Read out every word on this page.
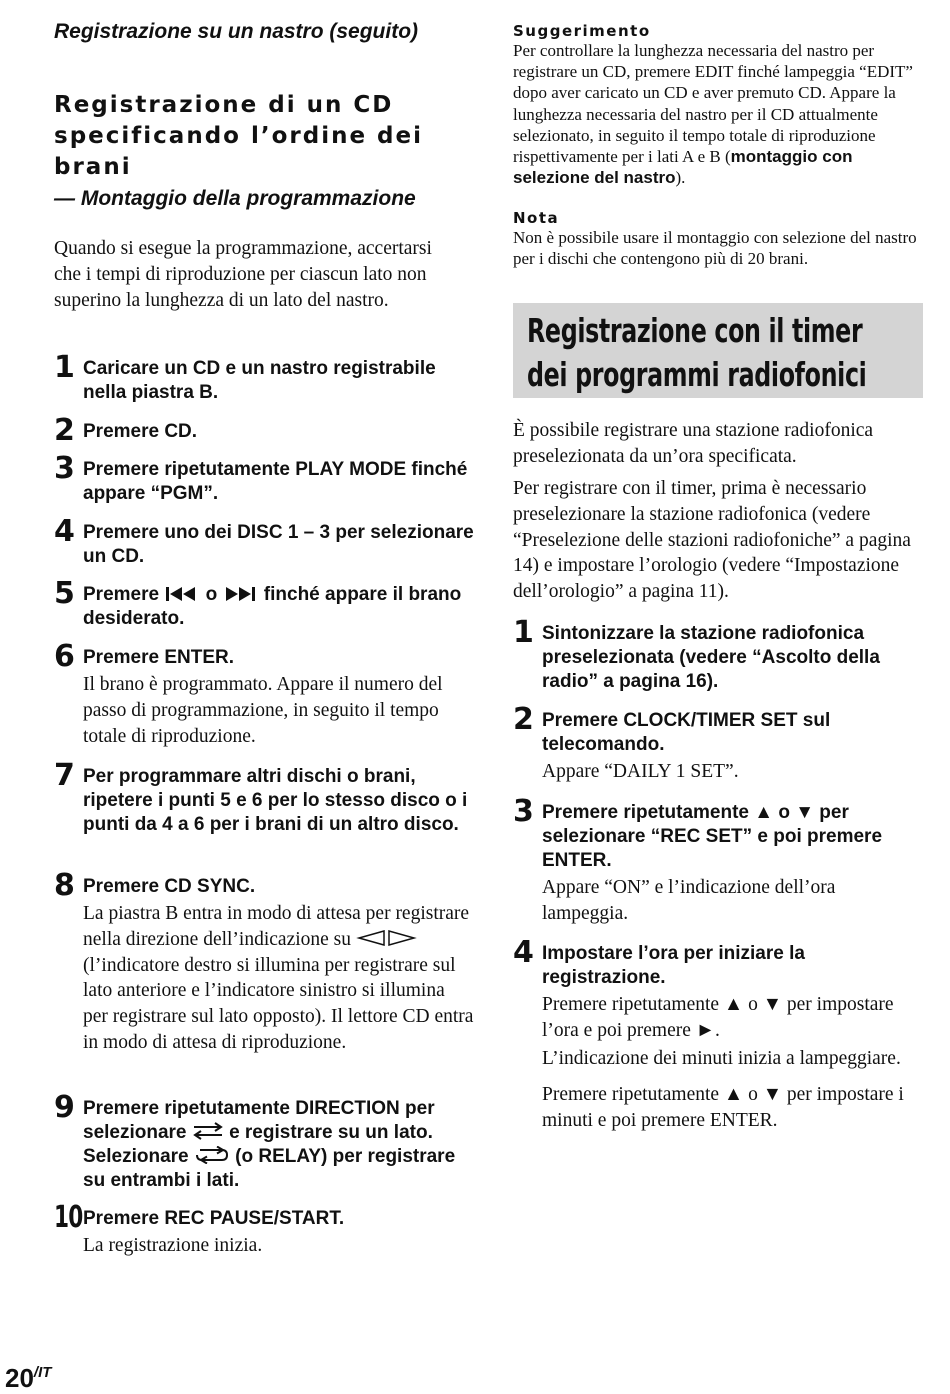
Registrazione su un nastro (seguito)
Registrazione di un CD specificando l’ordine dei brani
— Montaggio della programmazione
Quando si esegue la programmazione, accertarsi che i tempi di riproduzione per ciascun lato non superino la lunghezza di un lato del nastro.
1 Caricare un CD e un nastro registrabile nella piastra B.
2 Premere CD.
3 Premere ripetutamente PLAY MODE finché appare “PGM”.
4 Premere uno dei DISC 1 – 3 per selezionare un CD.
5 Premere o finché appare il brano desiderato.
6 Premere ENTER.
Il brano è programmato. Appare il numero del passo di programmazione, in seguito il tempo totale di riproduzione.
7 Per programmare altri dischi o brani, ripetere i punti 5 e 6 per lo stesso disco o i punti da 4 a 6 per i brani di un altro disco.
8 Premere CD SYNC.
La piastra B entra in modo di attesa per registrare nella direzione dell’indicazione su  (l’indicatore destro si illumina per registrare sul lato anteriore e l’indicatore sinistro si illumina per registrare sul lato opposto). Il lettore CD entra in modo di attesa di riproduzione.
9 Premere ripetutamente DIRECTION per selezionare e registrare su un lato. Selezionare (o RELAY) per registrare su entrambi i lati.
10 Premere REC PAUSE/START.
La registrazione inizia.
Suggerimento
Per controllare la lunghezza necessaria del nastro per registrare un CD, premere EDIT finché lampeggia “EDIT” dopo aver caricato un CD e aver premuto CD. Appare la lunghezza necessaria del nastro per il CD attualmente selezionato, in seguito il tempo totale di riproduzione rispettivamente per i lati A e B (montaggio con selezione del nastro).
Nota
Non è possibile usare il montaggio con selezione del nastro per i dischi che contengono più di 20 brani.
Registrazione con il timer
dei programmi radiofonici
È possibile registrare una stazione radiofonica preselezionata da un’ora specificata.
Per registrare con il timer, prima è necessario preselezionare la stazione radiofonica (vedere “Preselezione delle stazioni radiofoniche” a pagina 14) e impostare l’orologio (vedere “Impostazione dell’orologio” a pagina 11).
1 Sintonizzare la stazione radiofonica preselezionata (vedere “Ascolto della radio” a pagina 16).
2 Premere CLOCK/TIMER SET sul telecomando.
Appare “DAILY 1 SET”.
3 Premere ripetutamente ▲ o ▼ per selezionare “REC SET” e poi premere ENTER.
Appare “ON” e l’indicazione dell’ora lampeggia.
4 Impostare l’ora per iniziare la registrazione.
Premere ripetutamente ▲ o ▼ per impostare l’ora e poi premere ►.
L’indicazione dei minuti inizia a lampeggiare.
Premere ripetutamente ▲ o ▼ per impostare i minuti e poi premere ENTER.
$20^{/IT}$
